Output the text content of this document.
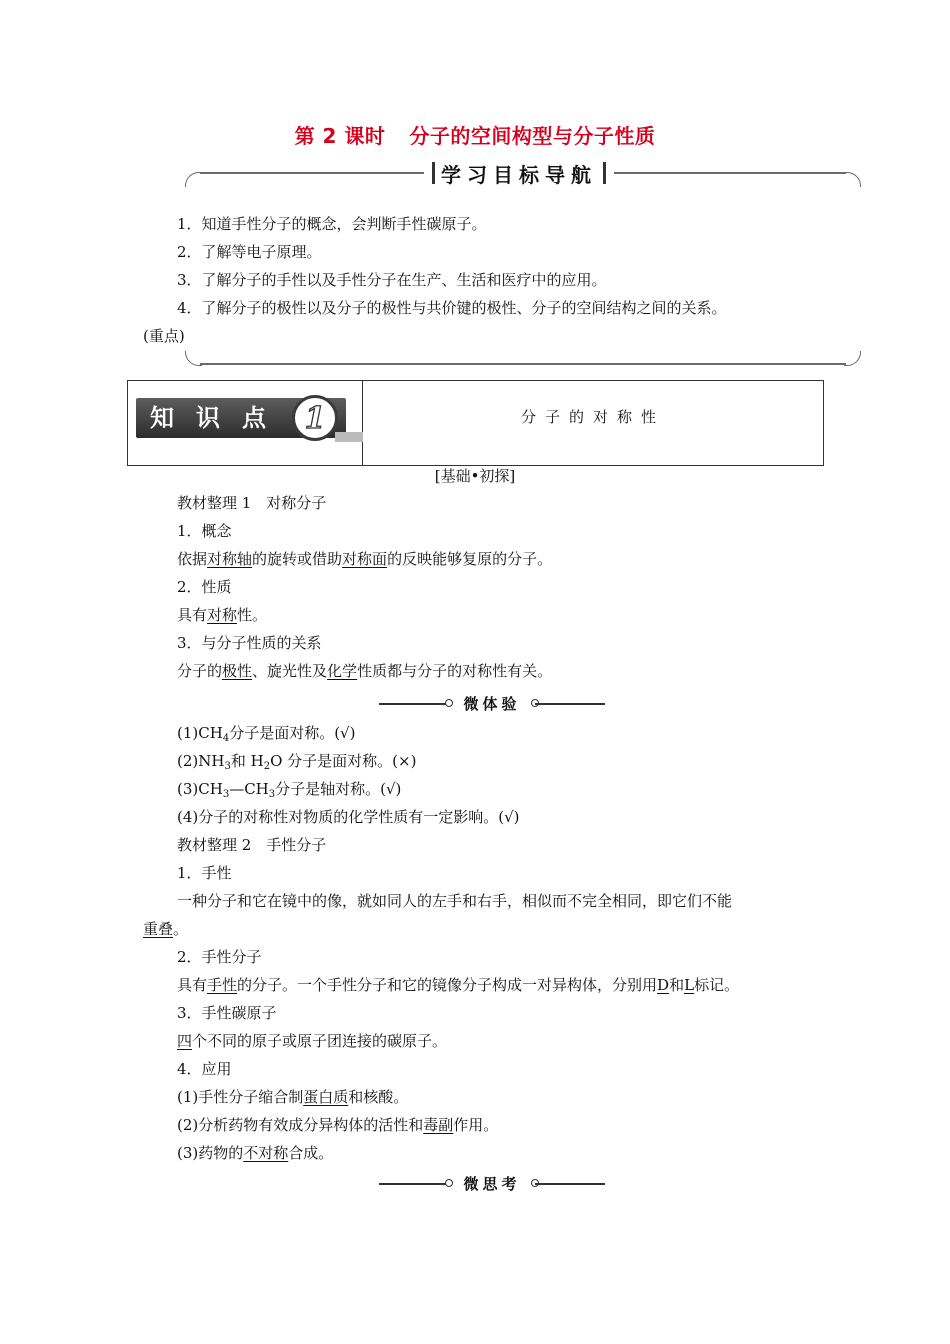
第 2 课时 分子的空间构型与分子性质
学习目标导航
1．知道手性分子的概念，会判断手性碳原子。
2．了解等电子原理。
3．了解分子的手性以及手性分子在生产、生活和医疗中的应用。
4．了解分子的极性以及分子的极性与共价键的极性、分子的空间结构之间的关系。
(重点)
知识点 1	分子的对称性
[基础•初探]
教材整理 1　对称分子
1．概念
依据对称轴的旋转或借助对称面的反映能够复原的分子。
2．性质
具有对称性。
3．与分子性质的关系
分子的极性、旋光性及化学性质都与分子的对称性有关。
微体验
$(1)CH_4$分子是面对称。(√)
$(2)NH_3$和 $H_2O$ 分子是面对称。(×)
$(3)CH_3—CH_3$分子是轴对称。(√)
(4)分子的对称性对物质的化学性质有一定影响。(√)
教材整理 2　手性分子
1．手性
一种分子和它在镜中的像，就如同人的左手和右手，相似而不完全相同，即它们不能
重叠。
2．手性分子
具有手性的分子。一个手性分子和它的镜像分子构成一对异构体，分别用D和L标记。
3．手性碳原子
四个不同的原子或原子团连接的碳原子。
4．应用
(1)手性分子缩合制蛋白质和核酸。
(2)分析药物有效成分异构体的活性和毒副作用。
(3)药物的不对称合成。
微思考
